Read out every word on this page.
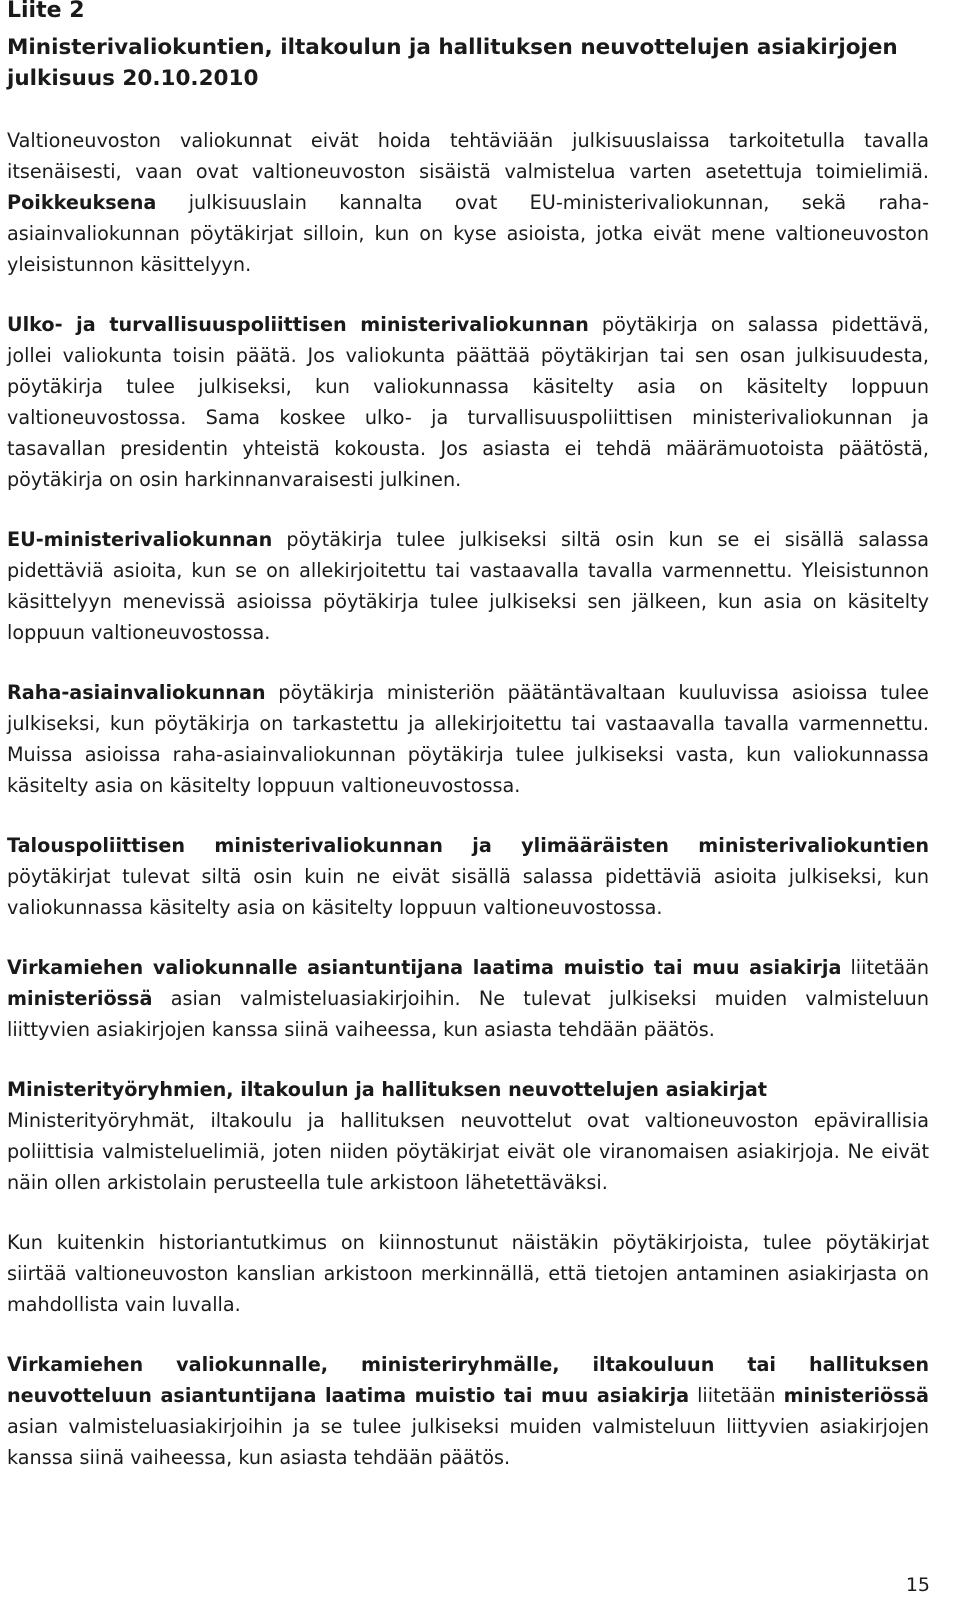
Liite 2
Ministerivaliokuntien, iltakoulun ja hallituksen neuvottelujen asiakirjojen julkisuus 20.10.2010

Valtioneuvoston valiokunnat eivät hoida tehtäviään julkisuuslaissa tarkoitetulla tavalla itsenäisesti, vaan ovat valtioneuvoston sisäistä valmistelua varten asetettuja toimielimiä. Poikkeuksena julkisuuslain kannalta ovat EU-ministerivaliokunnan, sekä raha-asiainvaliokunnan pöytäkirjat silloin, kun on kyse asioista, jotka eivät mene valtioneuvoston yleisistunnon käsittelyyn.

Ulko- ja turvallisuuspoliittisen ministerivaliokunnan pöytäkirja on salassa pidettävä, jollei valiokunta toisin päätä. Jos valiokunta päättää pöytäkirjan tai sen osan julkisuudesta, pöytäkirja tulee julkiseksi, kun valiokunnassa käsitelty asia on käsitelty loppuun valtioneuvostossa. Sama koskee ulko- ja turvallisuuspoliittisen ministerivaliokunnan ja tasavallan presidentin yhteistä kokousta. Jos asiasta ei tehdä määrämuotoista päätöstä, pöytäkirja on osin harkinnanvaraisesti julkinen.

EU-ministerivaliokunnan pöytäkirja tulee julkiseksi siltä osin kun se ei sisällä salassa pidettäviä asioita, kun se on allekirjoitettu tai vastaavalla tavalla varmennettu. Yleisistunnon käsittelyyn menevissä asioissa pöytäkirja tulee julkiseksi sen jälkeen, kun asia on käsitelty loppuun valtioneuvostossa.

Raha-asiainvaliokunnan pöytäkirja ministeriön päätäntävaltaan kuuluvissa asioissa tulee julkiseksi, kun pöytäkirja on tarkastettu ja allekirjoitettu tai vastaavalla tavalla varmennettu. Muissa asioissa raha-asiainvaliokunnan pöytäkirja tulee julkiseksi vasta, kun valiokunnassa käsitelty asia on käsitelty loppuun valtioneuvostossa.

Talouspoliittisen ministerivaliokunnan ja ylimääräisten ministerivaliokuntien pöytäkirjat tulevat siltä osin kuin ne eivät sisällä salassa pidettäviä asioita julkiseksi, kun valiokunnassa käsitelty asia on käsitelty loppuun valtioneuvostossa.

Virkamiehen valiokunnalle asiantuntijana laatima muistio tai muu asiakirja liitetään ministeriössä asian valmisteluasiakirjoihin. Ne tulevat julkiseksi muiden valmisteluun liittyvien asiakirjojen kanssa siinä vaiheessa, kun asiasta tehdään päätös.

Ministerityöryhmien, iltakoulun ja hallituksen neuvottelujen asiakirjat
Ministerityöryhmät, iltakoulu ja hallituksen neuvottelut ovat valtioneuvoston epävirallisia poliittisia valmisteluelimiä, joten niiden pöytäkirjat eivät ole viranomaisen asiakirjoja. Ne eivät näin ollen arkistolain perusteella tule arkistoon lähetettäväksi.

Kun kuitenkin historiantutkimus on kiinnostunut näistäkin pöytäkirjoista, tulee pöytäkirjat siirtää valtioneuvoston kanslian arkistoon merkinnällä, että tietojen antaminen asiakirjasta on mahdollista vain luvalla.

Virkamiehen valiokunnalle, ministeriryhmälle, iltakouluun tai hallituksen neuvotteluun asiantuntijana laatima muistio tai muu asiakirja liitetään ministeriössä asian valmisteluasiakirjoihin ja se tulee julkiseksi muiden valmisteluun liittyvien asiakirjojen kanssa siinä vaiheessa, kun asiasta tehdään päätös.

15
